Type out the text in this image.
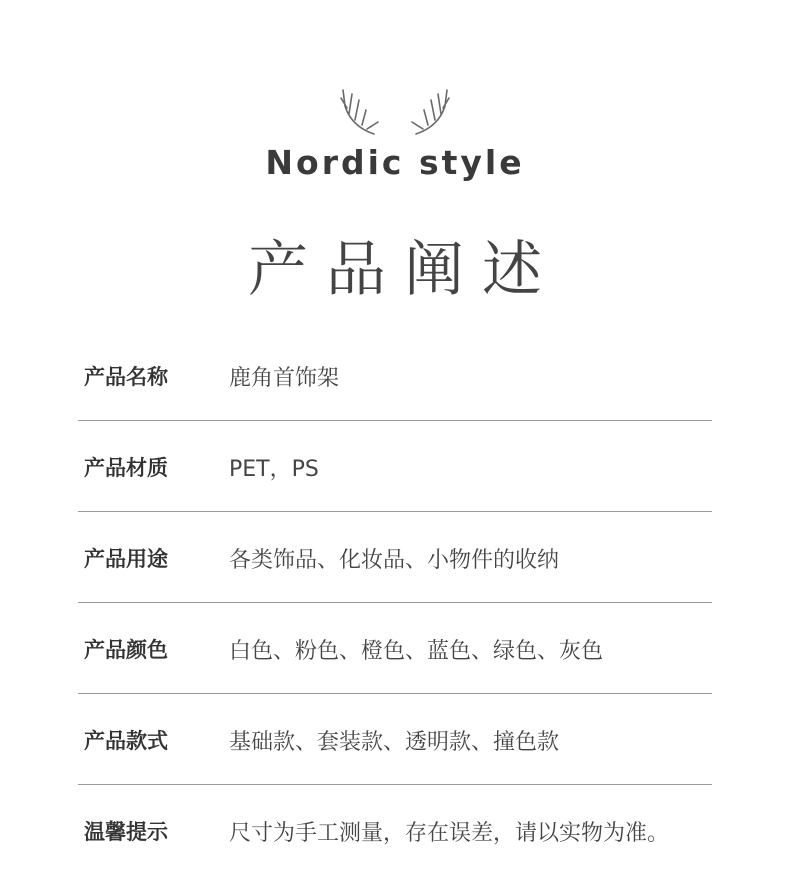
Nordic style
产品阐述
产品名称	鹿角首饰架
产品材质	PET，PS
产品用途	各类饰品、化妆品、小物件的收纳
产品颜色	白色、粉色、橙色、蓝色、绿色、灰色
产品款式	基础款、套装款、透明款、撞色款
温馨提示	尺寸为手工测量，存在误差，请以实物为准。
